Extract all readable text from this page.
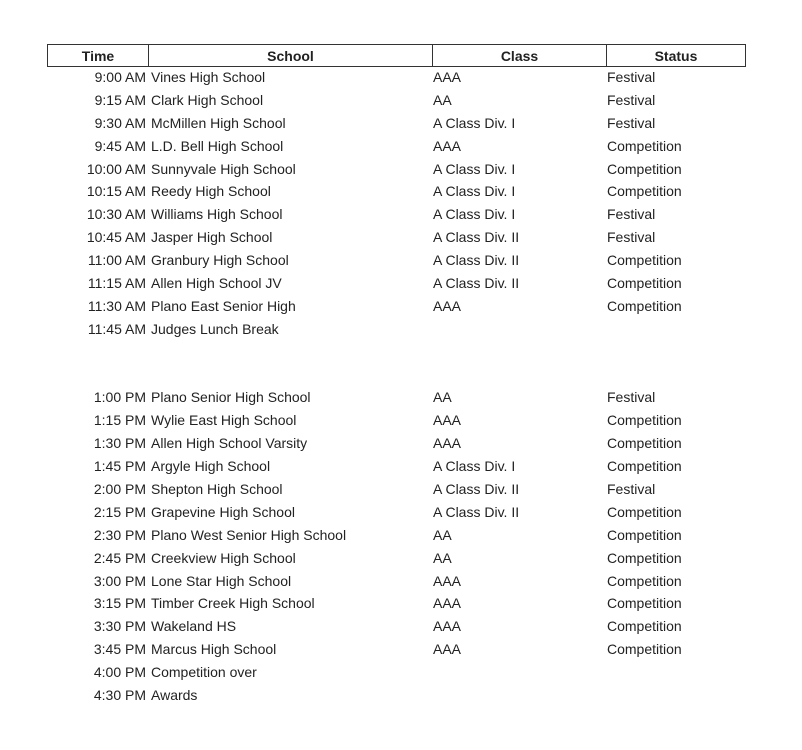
Time	School	Class	Status
9:00 AM Vines High School	AAA	Festival
9:15 AM Clark High School	AA	Festival
9:30 AM McMillen High School	A Class Div. I	Festival
9:45 AM L.D. Bell High School	AAA	Competition
10:00 AM Sunnyvale High School	A Class Div. I	Competition
10:15 AM Reedy High School	A Class Div. I	Competition
10:30 AM Williams High School	A Class Div. I	Festival
10:45 AM Jasper High School	A Class Div. II	Festival
11:00 AM Granbury High School	A Class Div. II	Competition
11:15 AM Allen High School JV	A Class Div. II	Competition
11:30 AM Plano East Senior High	AAA	Competition
11:45 AM Judges Lunch Break
1:00 PM Plano Senior High School	AA	Festival
1:15 PM Wylie East High School	AAA	Competition
1:30 PM Allen High School Varsity	AAA	Competition
1:45 PM Argyle High School	A Class Div. I	Competition
2:00 PM Shepton High School	A Class Div. II	Festival
2:15 PM Grapevine High School	A Class Div. II	Competition
2:30 PM Plano West Senior High School	AA	Competition
2:45 PM Creekview High School	AA	Competition
3:00 PM Lone Star High School	AAA	Competition
3:15 PM Timber Creek High School	AAA	Competition
3:30 PM Wakeland HS	AAA	Competition
3:45 PM Marcus High School	AAA	Competition
4:00 PM Competition over
4:30 PM Awards
